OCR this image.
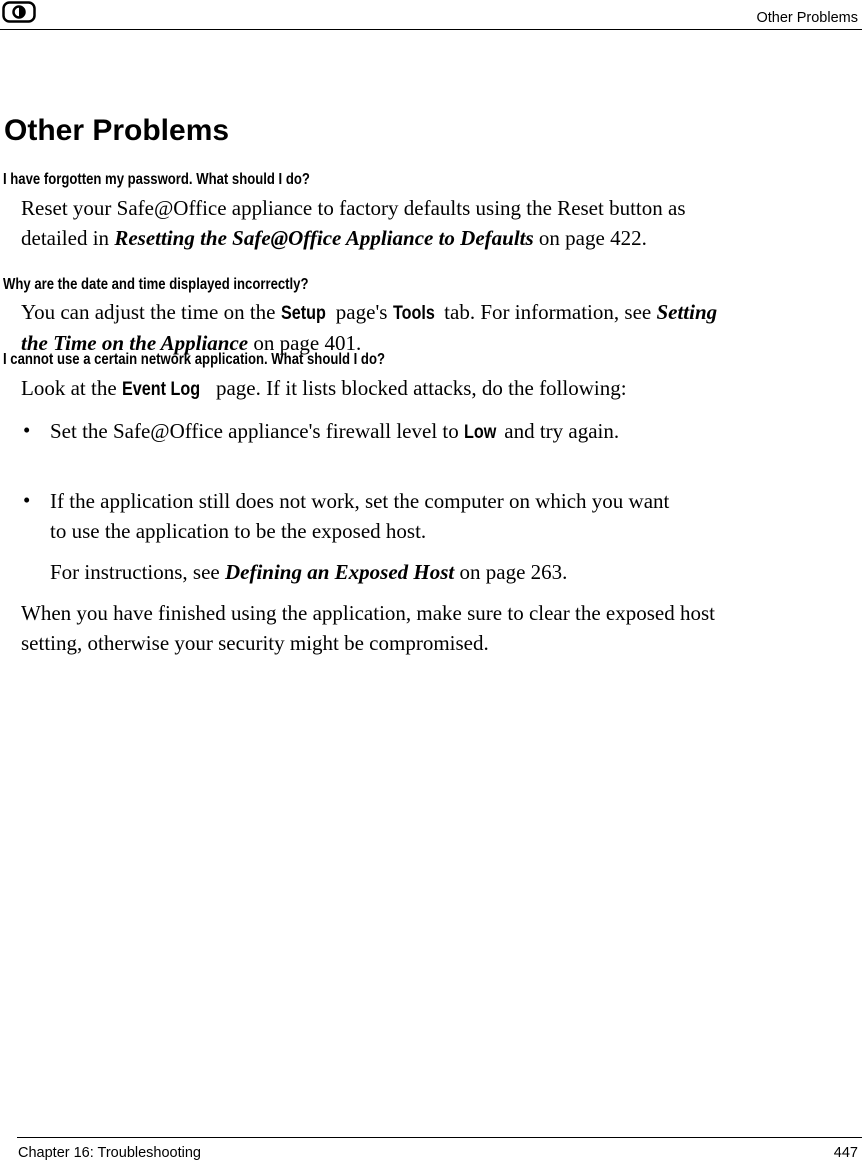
Other Problems
Other Problems

I have forgotten my password. What should I do?

Reset your Safe@Office appliance to factory defaults using the Reset button as
detailed in Resetting the Safe@Office Appliance to Defaults on page 422.

Why are the date and time displayed incorrectly?

You can adjust the time on the Setup page's Tools tab. For information, see Setting
the Time on the Appliance on page 401.

I cannot use a certain network application. What should I do?

Look at the Event Log page. If it lists blocked attacks, do the following:

• Set the Safe@Office appliance's firewall level to Low and try again.

• If the application still does not work, set the computer on which you want
to use the application to be the exposed host.

For instructions, see Defining an Exposed Host on page 263.

When you have finished using the application, make sure to clear the exposed host
setting, otherwise your security might be compromised.

Chapter 16: Troubleshooting	447
